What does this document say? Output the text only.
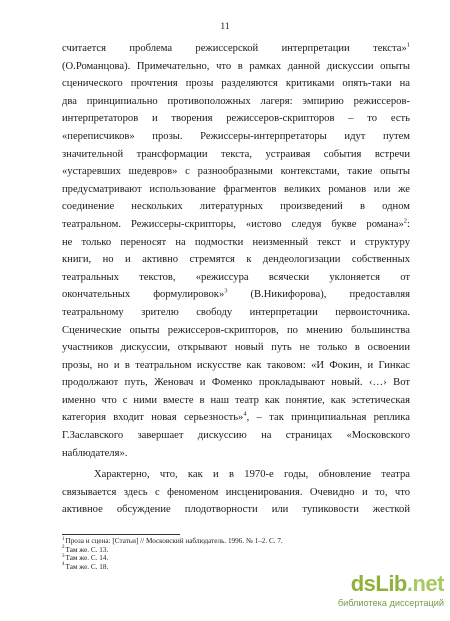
11
считается проблема режиссерской интерпретации текста»$^1$
(О.Романцова). Примечательно, что в рамках данной дискуссии опыты
сценического прочтения прозы разделяются критиками опять-таки на
два принципиально противоположных лагеря: эмпирию режиссеров-
интерпретаторов и творения режиссеров-скрипторов – то есть
«переписчиков» прозы. Режиссеры-интерпретаторы идут путем
значительной трансформации текста, устраивая события встречи
«устаревших шедевров» с разнообразными контекстами, такие опыты
предусматривают использование фрагментов великих романов или же
соединение нескольких литературных произведений в одном
театральном. Режиссеры-скрипторы, «истово следуя букве романа»$^2$:
не только переносят на подмостки неизменный текст и структуру
книги, но и активно стремятся к дендеологизации собственных
театральных текстов, «режиссура всячески уклоняется от
окончательных формулировок»$^3$ (В.Никифорова), предоставляя
театральному зрителю свободу интерпретации первоисточника.
Сценические опыты режиссеров-скрипторов, по мнению большинства
участников дискуссии, открывают новый путь не только в освоении
прозы, но и в театральном искусстве как таковом: «И Фокин, и Гинкас
продолжают путь, Женовач и Фоменко прокладывают новый. ‹…› Вот
именно что с ними вместе в наш театр как понятие, как эстетическая
категория входит новая серьезность»$^4$, – так принципиальная реплика
Г.Заславского завершает дискуссию на страницах «Московского
наблюдателя».
Характерно, что, как и в 1970-е годы, обновление театра
связывается здесь с феноменом инсценирования. Очевидно и то, что
активное обсуждение плодотворности или тупиковости жесткой
$^1$Проза и сцена: [Статьи] // Московский наблюдатель. 1996. № 1–2. С. 7.
$^2$Там же. С. 13.
$^3$Там же. С. 14.
$^4$Там же. С. 18.
dsLib.net
библиотека диссертаций
